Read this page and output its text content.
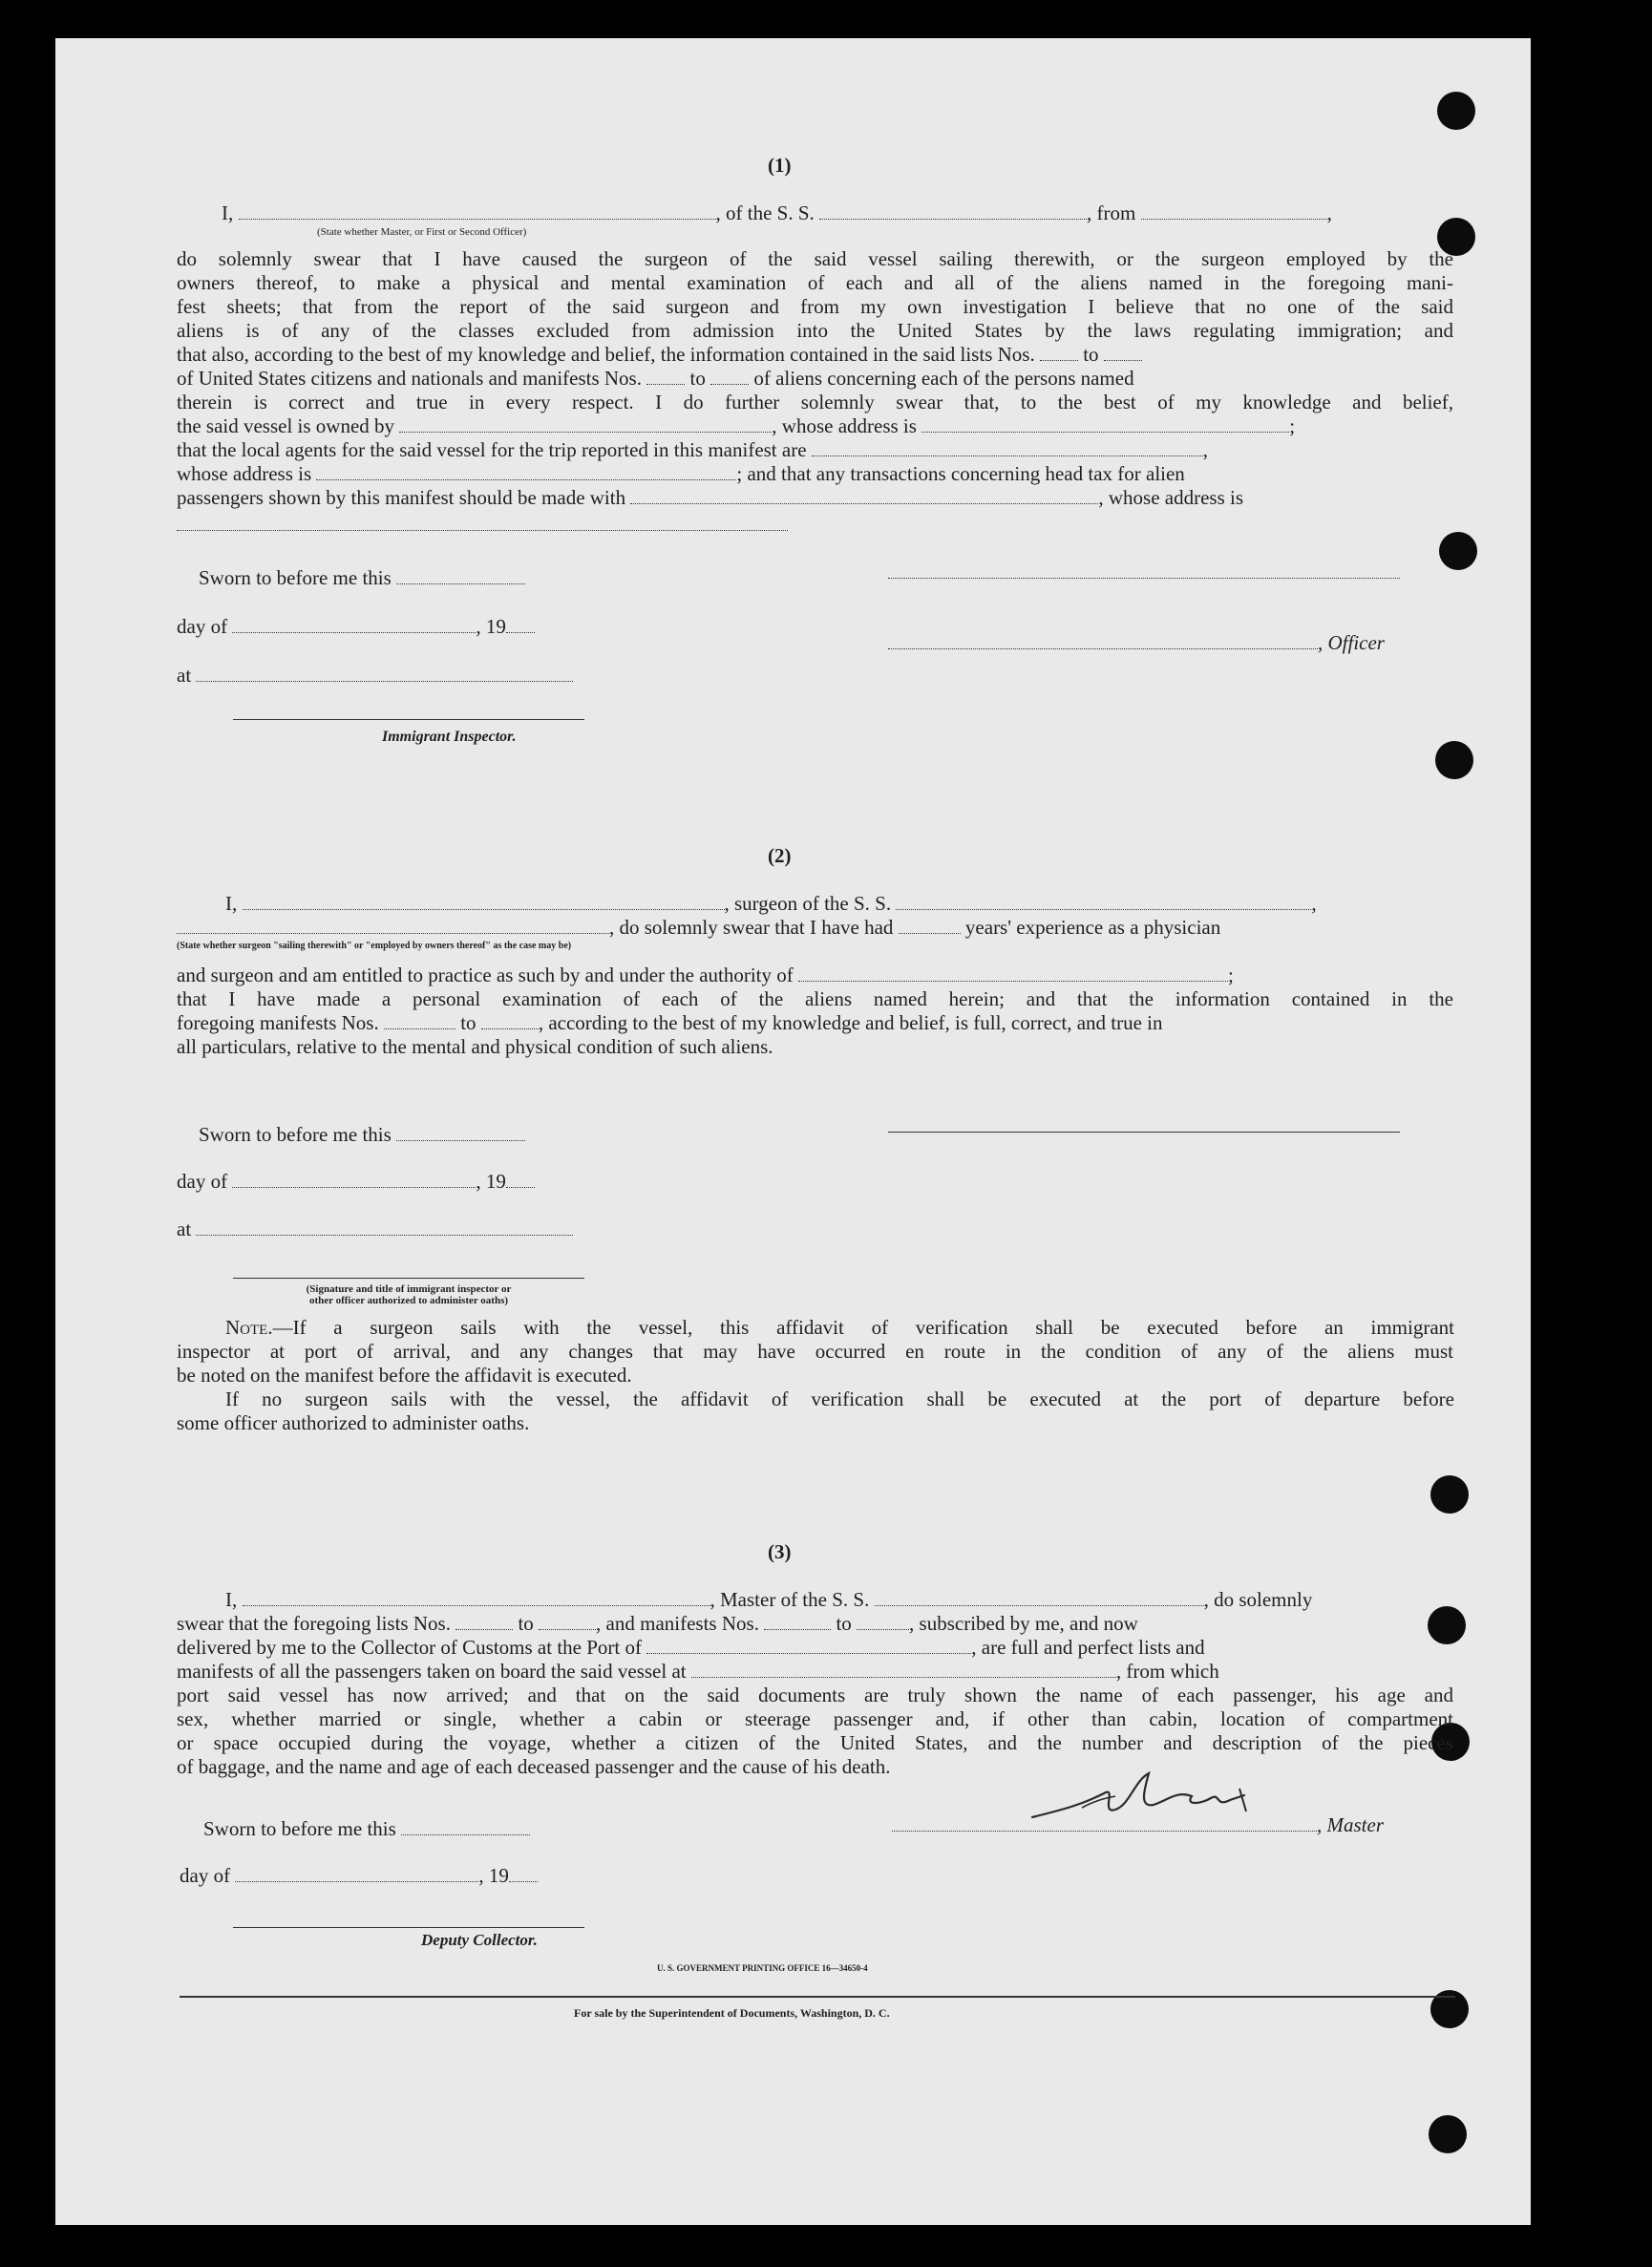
(1)
I,	, of the S. S.	, from	,
(State whether Master, or First or Second Officer)
do solemnly swear that I have caused the surgeon of the said vessel sailing therewith, or the surgeon employed by the
owners thereof, to make a physical and mental examination of each and all of the aliens named in the foregoing mani-
fest sheets; that from the report of the said surgeon and from my own investigation I believe that no one of the said
aliens is of any of the classes excluded from admission into the United States by the laws regulating immigration; and
that also, according to the best of my knowledge and belief, the information contained in the said lists Nos. to
of United States citizens and nationals and manifests Nos. to of aliens concerning each of the persons named
therein is correct and true in every respect. I do further solemnly swear that, to the best of my knowledge and belief,
the said vessel is owned by	, whose address is	;
that the local agents for the said vessel for the trip reported in this manifest are	,
whose address is	; and that any transactions concerning head tax for alien
passengers shown by this manifest should be made with	, whose address is
Sworn to before me this
day of	, 19
, Officer
at
Immigrant Inspector.
(2)
I,	, surgeon of the S. S.	,
, do solemnly swear that I have had	years' experience as a physician
(State whether surgeon "sailing therewith" or "employed by owners thereof" as the case may be)
and surgeon and am entitled to practice as such by and under the authority of	;
that I have made a personal examination of each of the aliens named herein; and that the information contained in the
foregoing manifests Nos.	to	, according to the best of my knowledge and belief, is full, correct, and true in
all particulars, relative to the mental and physical condition of such aliens.
Sworn to before me this
day of	, 19
at
(Signature and title of immigrant inspector or
other officer authorized to administer oaths)
Note.—If a surgeon sails with the vessel, this affidavit of verification shall be executed before an immigrant
inspector at port of arrival, and any changes that may have occurred en route in the condition of any of the aliens must
be noted on the manifest before the affidavit is executed.
If no surgeon sails with the vessel, the affidavit of verification shall be executed at the port of departure before
some officer authorized to administer oaths.
(3)
I,	, Master of the S. S.	, do solemnly
swear that the foregoing lists Nos.	to	, and manifests Nos.	to	, subscribed by me, and now
delivered by me to the Collector of Customs at the Port of	, are full and perfect lists and
manifests of all the passengers taken on board the said vessel at	, from which
port said vessel has now arrived; and that on the said documents are truly shown the name of each passenger, his age and
sex, whether married or single, whether a cabin or steerage passenger and, if other than cabin, location of compartment
or space occupied during the voyage, whether a citizen of the United States, and the number and description of the pieces
of baggage, and the name and age of each deceased passenger and the cause of his death.
Sworn to before me this	, Master
day of	, 19
Deputy Collector.
U. S. GOVERNMENT PRINTING OFFICE 16—34650-4
For sale by the Superintendent of Documents, Washington, D. C.
